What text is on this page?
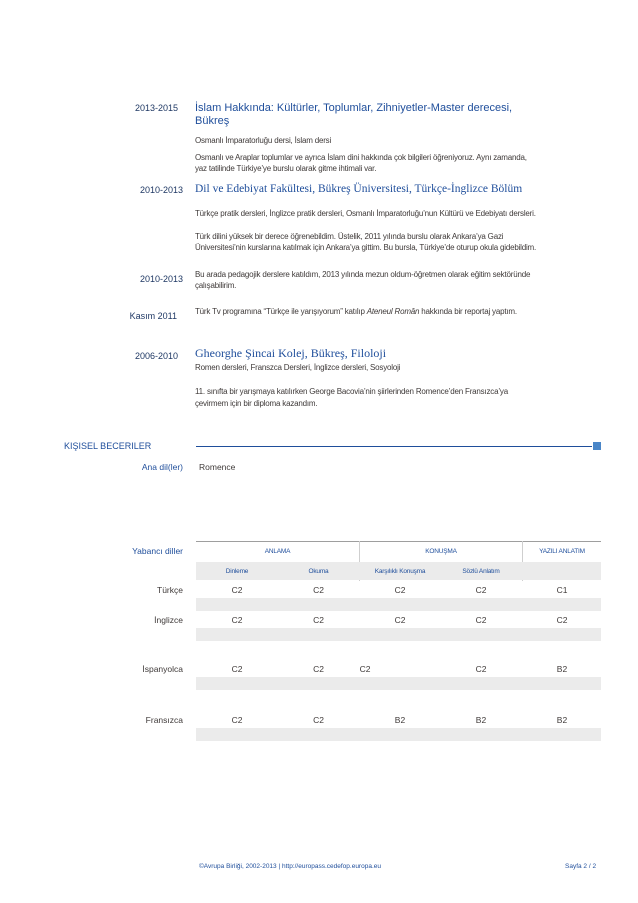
2013-2015 İslam Hakkında: Kültürler, Toplumlar, Zihniyetler-Master derecesi,
Bükreş
Osmanlı İmparatorluğu dersi, İslam dersi
Osmanlı ve Araplar toplumlar ve ayrıca İslam dini hakkında çok bilgileri öğreniyoruz. Aynı zamanda,
yaz tatilinde Türkiye’ye burslu olarak gitme ihtimali var.
2010-2013 Dil ve Edebiyat Fakültesi, Bükreş Üniversitesi, Türkçe-İnglizce Bölüm
Türkçe pratik dersleri, İnglizce pratik dersleri, Osmanlı İmparatorluğu’nun Kültürü ve Edebiyatı dersleri.
Türk dilini yüksek bir derece öğrenebildim. Üstelik, 2011 yılında burslu olarak Ankara’ya Gazi
Üniversitesi’nin kurslarına katılmak için Ankara’ya gittim. Bu bursla, Türkiye’de oturup okula gidebildim.
2010-2013 Bu arada pedagojik derslere katıldım, 2013 yılında mezun oldum-öğretmen olarak eğitim sektöründe
çalışabilirim.
Kasım 2011 Türk Tv programına “Türkçe ile yarışıyorum” katılıp Ateneul Român hakkında bir reportaj yaptım.
2006-2010 Gheorghe Şincai Kolej, Bükreş, Filoloji
Romen dersleri, Franszca Dersleri, İnglizce dersleri, Sosyoloji
11. sınıfta bir yarışmaya katılırken George Bacovia’nin şiirlerinden Romence’den Fransızca’ya
çevirmem için bir diploma kazandım.
KIŞISEL BECERILER
Ana dil(ler) Romence
Yabancı diller	ANLAMA	KONUŞMA	YAZILI ANLATIM
Dinleme	Okuma	Karşılıklı Konuşma	Sözlü Anlatım
Türkçe	C2	C2	C2	C2	C1
İnglizce	C2	C2	C2	C2	C2
İspanyolca	C2	C2	C2	C2	B2
Fransızca	C2	C2	B2	B2	B2
©Avrupa Birliği, 2002-2013 | http://europass.cedefop.europa.eu	Sayfa 2 / 2
